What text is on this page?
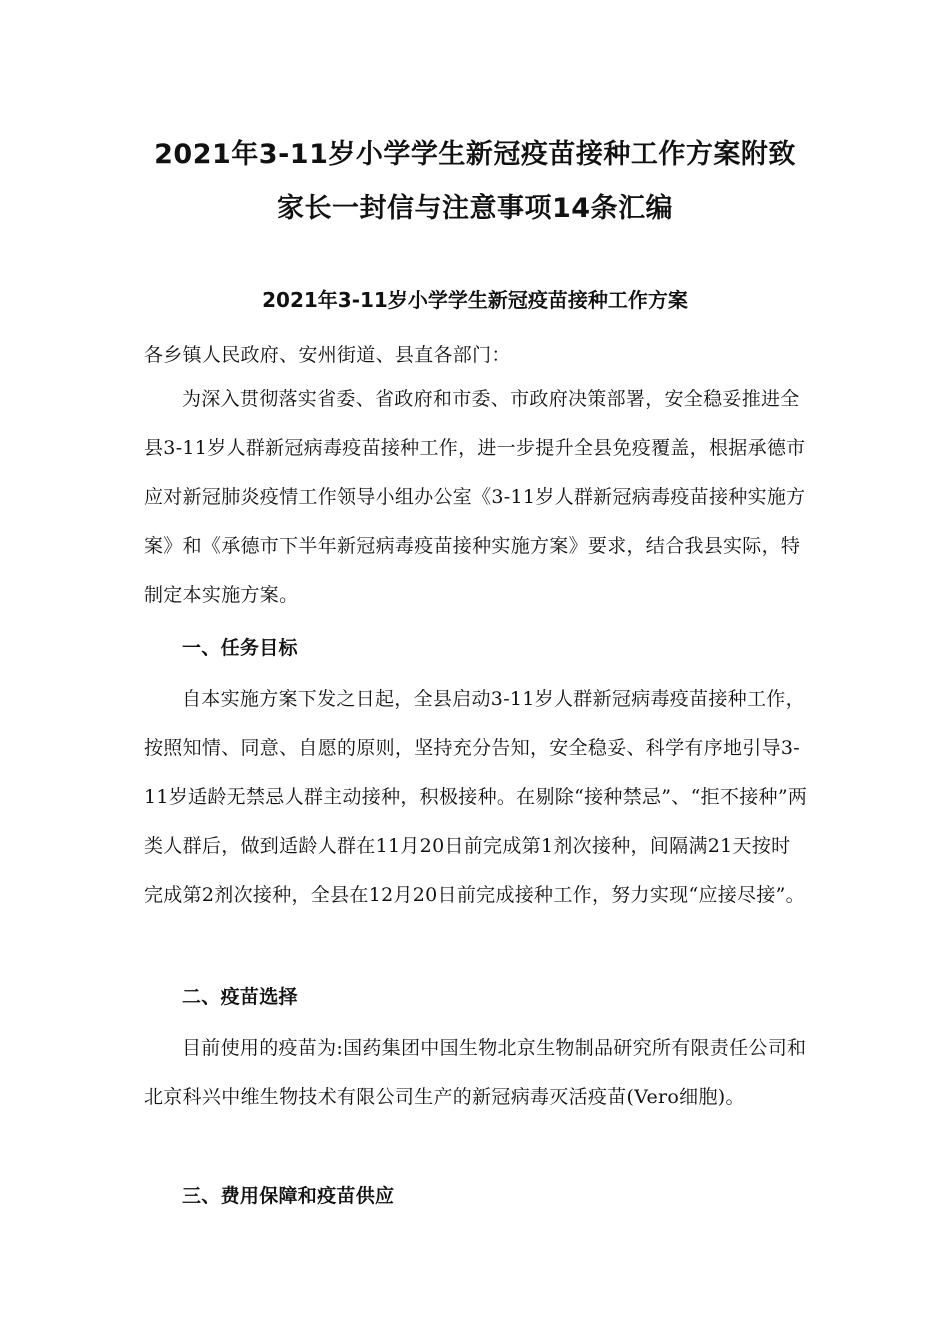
2021年3-11岁小学学生新冠疫苗接种工作方案附致
家长一封信与注意事项14条汇编
2021年3-11岁小学学生新冠疫苗接种工作方案

各乡镇人民政府、安州街道、县直各部门：

为深入贯彻落实省委、省政府和市委、市政府决策部署，安全稳妥推进全县3-11岁人群新冠病毒疫苗接种工作，进一步提升全县免疫覆盖，根据承德市应对新冠肺炎疫情工作领导小组办公室《3-11岁人群新冠病毒疫苗接种实施方案》和《承德市下半年新冠病毒疫苗接种实施方案》要求，结合我县实际，特制定本实施方案。

一、任务目标

自本实施方案下发之日起，全县启动3-11岁人群新冠病毒疫苗接种工作，按照知情、同意、自愿的原则，坚持充分告知，安全稳妥、科学有序地引导3-11岁适龄无禁忌人群主动接种，积极接种。在剔除“接种禁忌”、“拒不接种”两类人群后，做到适龄人群在11月20日前完成第1剂次接种，间隔满21天按时完成第2剂次接种，全县在12月20日前完成接种工作，努力实现“应接尽接”。

二、疫苗选择

目前使用的疫苗为:国药集团中国生物北京生物制品研究所有限责任公司和北京科兴中维生物技术有限公司生产的新冠病毒灭活疫苗(Vero细胞)。

三、费用保障和疫苗供应
